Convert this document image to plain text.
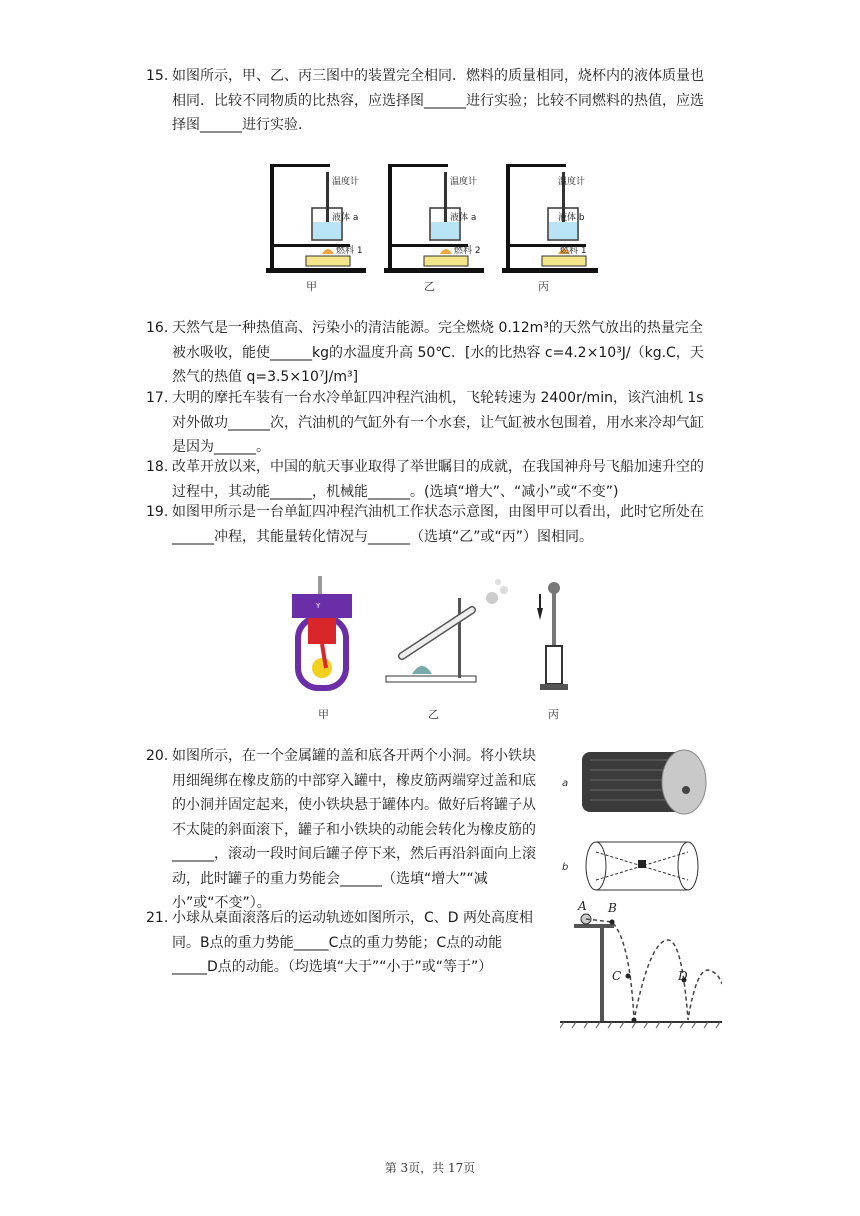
15. 如图所示，甲、乙、丙三图中的装置完全相同．燃料的质量相同，烧杯内的液体质量也相同．比较不同物质的比热容，应选择图______进行实验；比较不同燃料的热值，应选择图______进行实验．
温度计
液体 a
燃料 1
温度计
液体 a
燃料 2
温度计
液体 b
燃料 1
甲	乙	丙
16. 天然气是一种热值高、污染小的清洁能源。完全燃烧 0.12m³的天然气放出的热量完全被水吸收，能使______kg的水温度升高 50℃．[水的比热容 c=4.2×10³J/（kg.C，天然气的热值 q=3.5×10⁷J/m³]
17. 大明的摩托车装有一台水冷单缸四冲程汽油机，飞轮转速为 2400r/min，该汽油机 1s 对外做功______次，汽油机的气缸外有一个水套，让气缸被水包围着，用水来冷却气缸是因为______。
18. 改革开放以来，中国的航天事业取得了举世瞩目的成就，在我国神舟号飞船加速升空的过程中，其动能______，机械能______。(选填“增大”、“减小”或“不变”)
19. 如图甲所示是一台单缸四冲程汽油机工作状态示意图，由图甲可以看出，此时它所处在______冲程，其能量转化情况与______（选填“乙”或“丙”）图相同。
Y
甲	乙	丙
20. 如图所示，在一个金属罐的盖和底各开两个小洞。将小铁块用细绳绑在橡皮筋的中部穿入罐中，橡皮筋两端穿过盖和底的小洞并固定起来，使小铁块悬于罐体内。做好后将罐子从不太陡的斜面滚下，罐子和小铁块的动能会转化为橡皮筋的______，滚动一段时间后罐子停下来，然后再沿斜面向上滚动，此时罐子的重力势能会______（选填“增大”“减小”或“不变”）。
a
b
21. 小球从桌面滚落后的运动轨迹如图所示，C、D 两处高度相同。B点的重力势能_____C点的重力势能；C点的动能 _____D点的动能。（均选填“大于”“小于”或“等于”）
A B
C	D
第 3页，共 17页
